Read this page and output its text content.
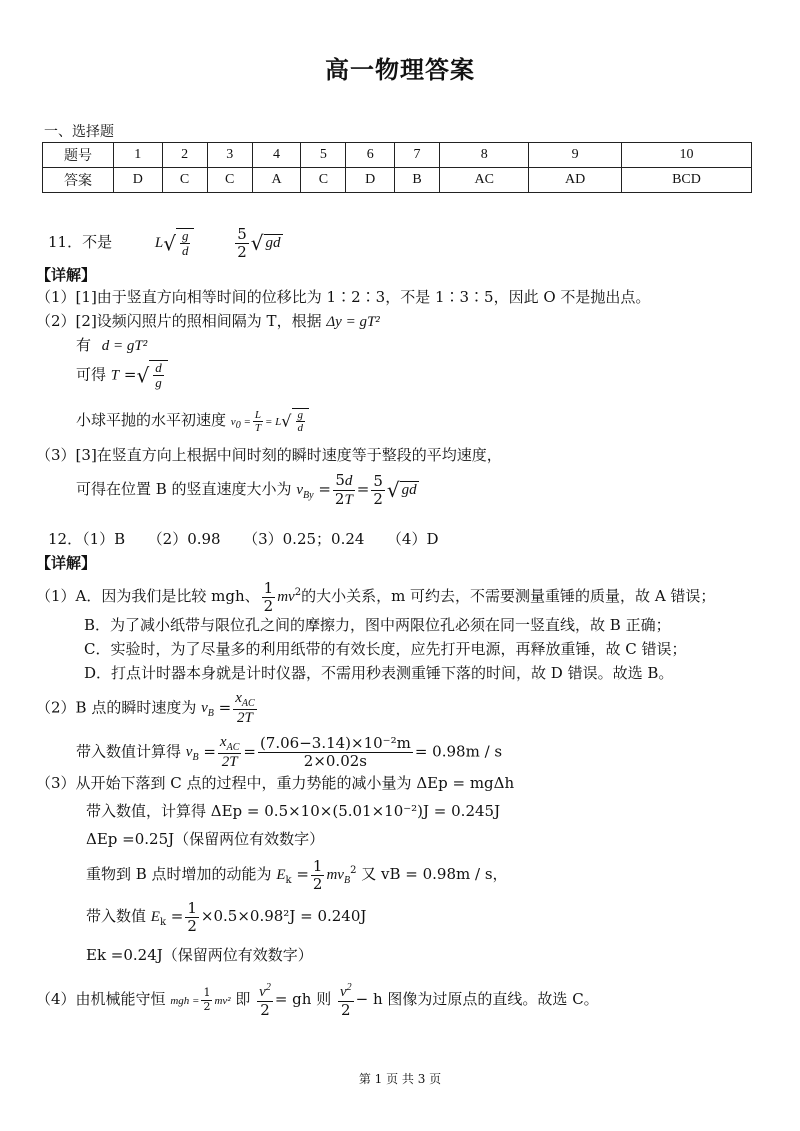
高一物理答案
一、选择题
题号	1	2	3	4	5	6	7	8	9	10
答案	D	C	C	A	C	D	B	AC	AD	BCD
11．不是	$L√ \frac{g}{d}$
	$\frac{5}{2}$ √ gd
【详解】
（1）[1]由于竖直方向相等时间的位移比为 1∶2∶3，不是 1∶3∶5，因此 O 不是抛出点。
（2）[2]设频闪照片的照相间隔为 T，根据 Δy = gT²
有 d = gT²
可得 T =√ $\frac{d}{g}$
小球平抛的水平初速度 $v_0 = \frac{L}{T} = L√ \frac{g}{d}$
（3）[3]在竖直方向上根据中间时刻的瞬时速度等于整段的平均速度，
可得在位置 B 的竖直速度大小为 $v_{By} = \frac{5d}{2T} = \frac{5}{2}$ √ gd
12．（1）B　　（2）0.98　　（3）0.25；0.24　　（4）D
【详解】
（1）A．因为我们是比较 mgh、 $\frac{1}{2} mv^2$的大小关系，m 可约去，不需要测量重锤的质量，故 A 错误；
B．为了减小纸带与限位孔之间的摩擦力，图中两限位孔必须在同一竖直线，故 B 正确；
C．实验时，为了尽量多的利用纸带的有效长度，应先打开电源，再释放重锤，故 C 错误；
D．打点计时器本身就是计时仪器，不需用秒表测重锤下落的时间，故 D 错误。故选 B。
（2）B 点的瞬时速度为 $v_B = \frac{x_{AC}}{2T}$
带入数值计算得 $v_B = \frac{x_{AC}}{2T} = \frac{\text{(7.06−3.14)×10⁻²m}}{2\times 0.02s} = 0.98m / s$
（3）从开始下落到 C 点的过程中，重力势能的减小量为 ΔEp = mgΔh
带入数值，计算得 ΔEp = 0.5×10×(5.01×10⁻²)J = 0.245J
ΔEp =0.25J（保留两位有效数字）
重物到 B 点时增加的动能为 $E_k = \frac{1}{2} mv_B^2$ 又 vB = 0.98m / s，
带入数值 $E_k = \frac{1}{2} \times 0.5\times 0.98^2J = 0.240J$
Ek =0.24J（保留两位有效数字）
（4）由机械能守恒 mgh = $\frac{1}{2} mv^2$ 即 $\frac{v^2}{2}$ = gh 则 $\frac{v^2}{2} - h$ 图像为过原点的直线。故选 C。
第 1 页 共 3 页
